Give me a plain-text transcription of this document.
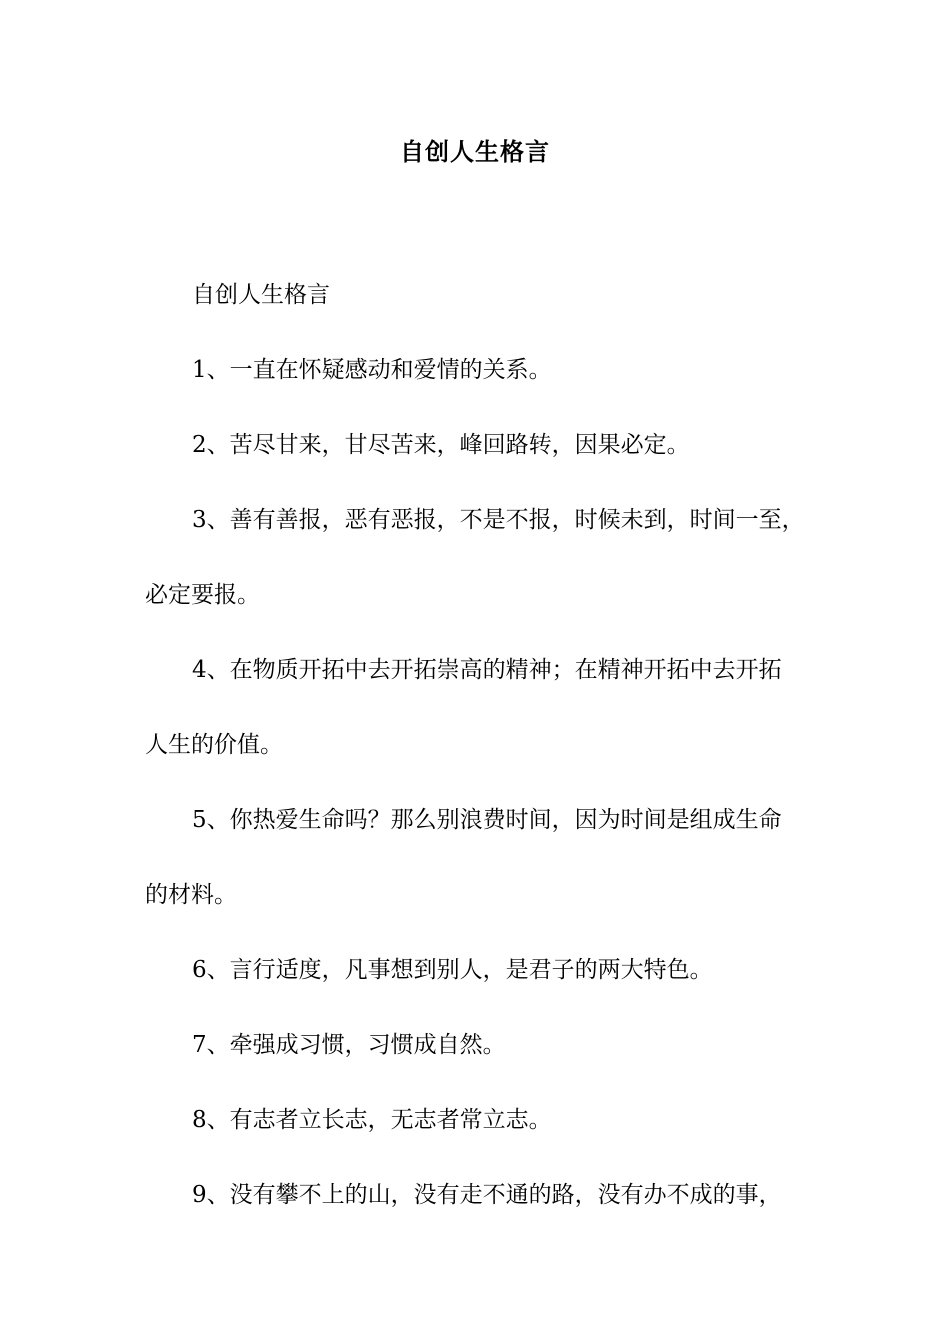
自创人生格言

自创人生格言

1、一直在怀疑感动和爱情的关系。

2、苦尽甘来，甘尽苦来，峰回路转，因果必定。

3、善有善报，恶有恶报，不是不报，时候未到，时间一至，
必定要报。

4、在物质开拓中去开拓崇高的精神；在精神开拓中去开拓
人生的价值。

5、你热爱生命吗？那么别浪费时间，因为时间是组成生命
的材料。

6、言行适度，凡事想到别人，是君子的两大特色。

7、牵强成习惯，习惯成自然。

8、有志者立长志，无志者常立志。

9、没有攀不上的山，没有走不通的路，没有办不成的事，
